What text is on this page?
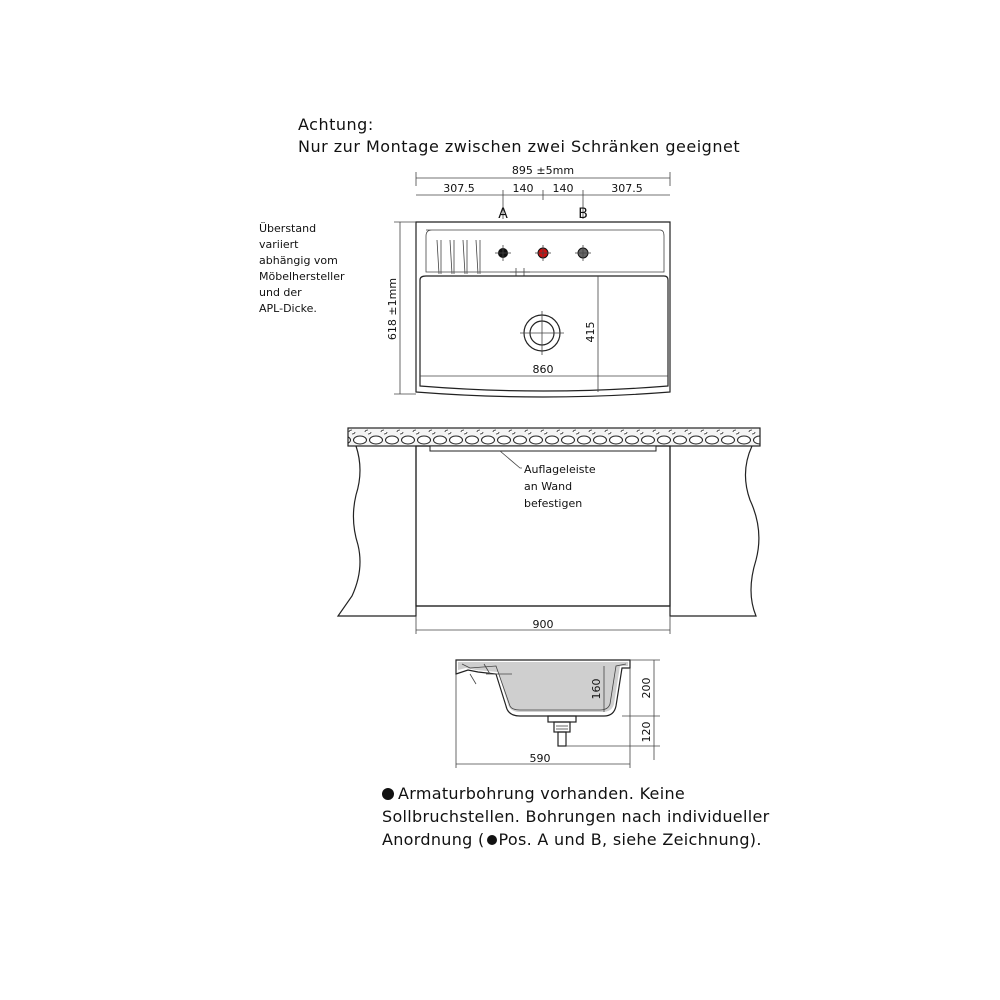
Achtung:
Nur zur Montage zwischen zwei Schränken geeignet
Überstand
variiert
abhängig vom
Möbelhersteller
und der
APL-Dicke.
895 ±5mm
307.5	140 140	307.5
A	B
415
860
618 ±1mm
Auflageleiste
an Wand
befestigen
900
160	200
120
590
Armaturbohrung vorhanden. Keine
Sollbruchstellen. Bohrungen nach individueller
Anordnung ( Pos. A und B, siehe Zeichnung).
